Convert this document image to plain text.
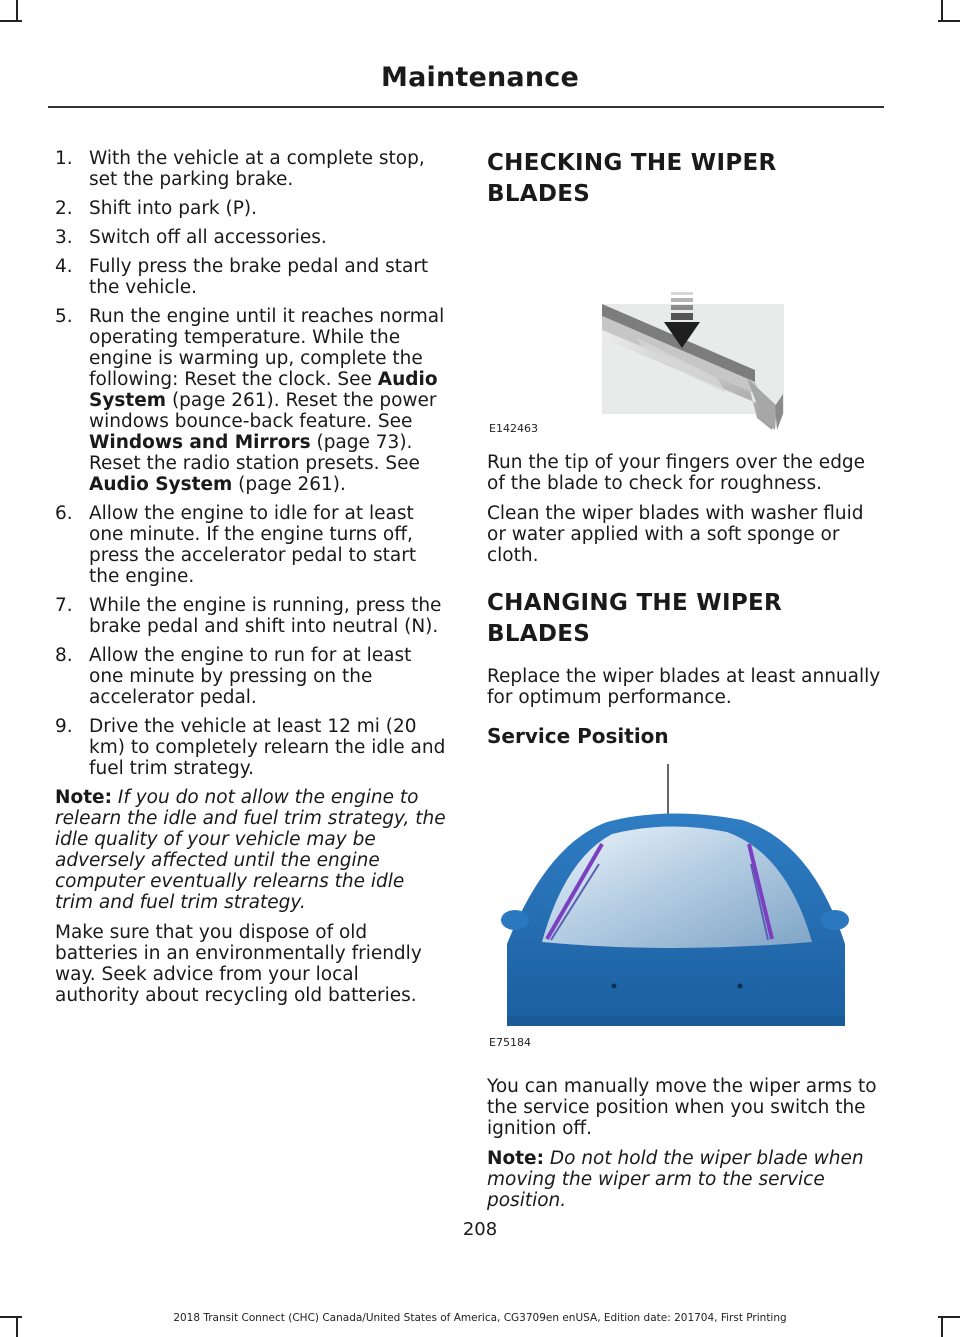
Maintenance
1. With the vehicle at a complete stop, set the parking brake.
2. Shift into park (P).
3. Switch off all accessories.
4. Fully press the brake pedal and start the vehicle.
5. Run the engine until it reaches normal operating temperature. While the engine is warming up, complete the following: Reset the clock. See Audio System (page 261). Reset the power windows bounce-back feature. See Windows and Mirrors (page 73). Reset the radio station presets. See Audio System (page 261).
6. Allow the engine to idle for at least one minute. If the engine turns off, press the accelerator pedal to start the engine.
7. While the engine is running, press the brake pedal and shift into neutral (N).
8. Allow the engine to run for at least one minute by pressing on the accelerator pedal.
9. Drive the vehicle at least 12 mi (20 km) to completely relearn the idle and fuel trim strategy.

Note: If you do not allow the engine to relearn the idle and fuel trim strategy, the idle quality of your vehicle may be adversely affected until the engine computer eventually relearns the idle trim and fuel trim strategy.

Make sure that you dispose of old batteries in an environmentally friendly way. Seek advice from your local authority about recycling old batteries.

CHECKING THE WIPER BLADES
E142463

Run the tip of your fingers over the edge of the blade to check for roughness.

Clean the wiper blades with washer fluid or water applied with a soft sponge or cloth.

CHANGING THE WIPER BLADES

Replace the wiper blades at least annually for optimum performance.

Service Position
E75184

You can manually move the wiper arms to the service position when you switch the ignition off.

Note: Do not hold the wiper blade when moving the wiper arm to the service position.

208
2018 Transit Connect (CHC) Canada/United States of America, CG3709en enUSA, Edition date: 201704, First Printing
